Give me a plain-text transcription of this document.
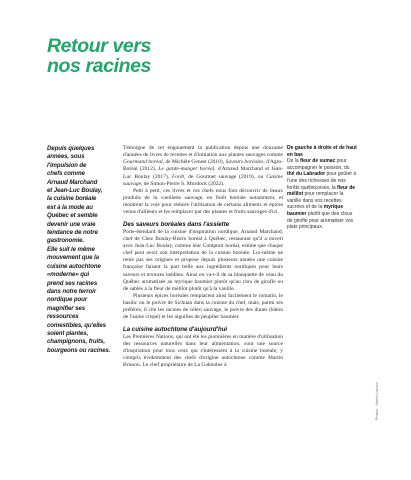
Retour vers
nos racines
Depuis quelques
années, sous
l'impulsion de
chefs comme
Arnaud Marchand
et Jean-Luc Boulay,
la cuisine boréale
est à la mode au
Québec et semble
devenir une vraie
tendance de notre
gastronomie.
Elle suit le même
mouvement que la
cuisine autochtone
«moderne» qui
prend ses racines
dans notre terroir
nordique pour
magnifier ses
ressources
comestibles, qu'elles
soient plantes,
champignons, fruits,
bourgeons ou racines.

Témoigne de cet engouement la publication depuis une douzaine d'années de livres de recettes et d'initiation aux plantes sauvages comme Gourmand boréal, de Michèle Genest (2010), Saveurs boréales, d'Agro-Boréal (2012), Le garde-manger boréal, d'Arnaud Marchand et Jean-Luc Boulay (2017), Forêt, de Gourmet sauvage (2019), ou Cuisine sauvage, de Simon-Pierre S. Murdock (2022).

Petit à petit, ces livres et ces chefs nous font découvrir de beaux produits de la cueillette sauvage, en forêt boréale notamment, et montrent la voie pour réduire l'utilisation de certains aliments et épices venus d'ailleurs et les remplacer par des plantes et fruits sauvages d'ici.

Des saveurs boréales dans l'assiette

Porte-étendard de la cuisine d'inspiration nordique, Arnaud Marchand, chef de Chez Boulay-Bistro boréal à Québec, restaurant qu'il a ouvert avec Jean-Luc Boulay, comme leur Comptoir boréal, estime que chaque chef peut avoir son interprétation de la cuisine boréale. Lui-même ne renie pas ses origines et propose depuis plusieurs années une cuisine française faisant la part belle aux ingrédients nordiques pour leurs saveurs et textures inédites. Ainsi en va-t-il de sa blanquette de veau du Québec aromatisée au myrique baumier plutôt qu'au clou de girofle ou de sablés à la fleur de mélilot plutôt qu'à la vanille.

Plusieurs épices boréales remplacent ainsi facilement le romarin, le basilic ou le poivre de Sichuan dans la cuisine du chef, mais, parmi ses préférés, il cite les racines de céleri sauvage, le poivre des dunes (bâton de l'aulne crispé) et les aiguilles de peuplier baumier.

La cuisine autochtone d'aujourd'hui

Les Premières Nations, qui ont été les pionnières en matière d'utilisation des ressources naturelles dans leur alimentation, sont une source d'inspiration pour tous ceux qui s'intéressent à la cuisine boréale, y compris évidemment des chefs d'origine autochtone comme Martin Brisson. Le chef propriétaire de La Gaboulne à

De gauche à droite et de haut en bas
De la fleur de sumac pour accompagner le poisson, du thé du Labrador pour goûter à l'une des richesses de nos forêts québécoises, la fleur de mélilot pour remplacer la vanille dans vos recettes sucrées et de la myrique baumier plutôt que des clous de girofle pour aromatiser vos plats principaux.
Photos : Valérie Lacroix
